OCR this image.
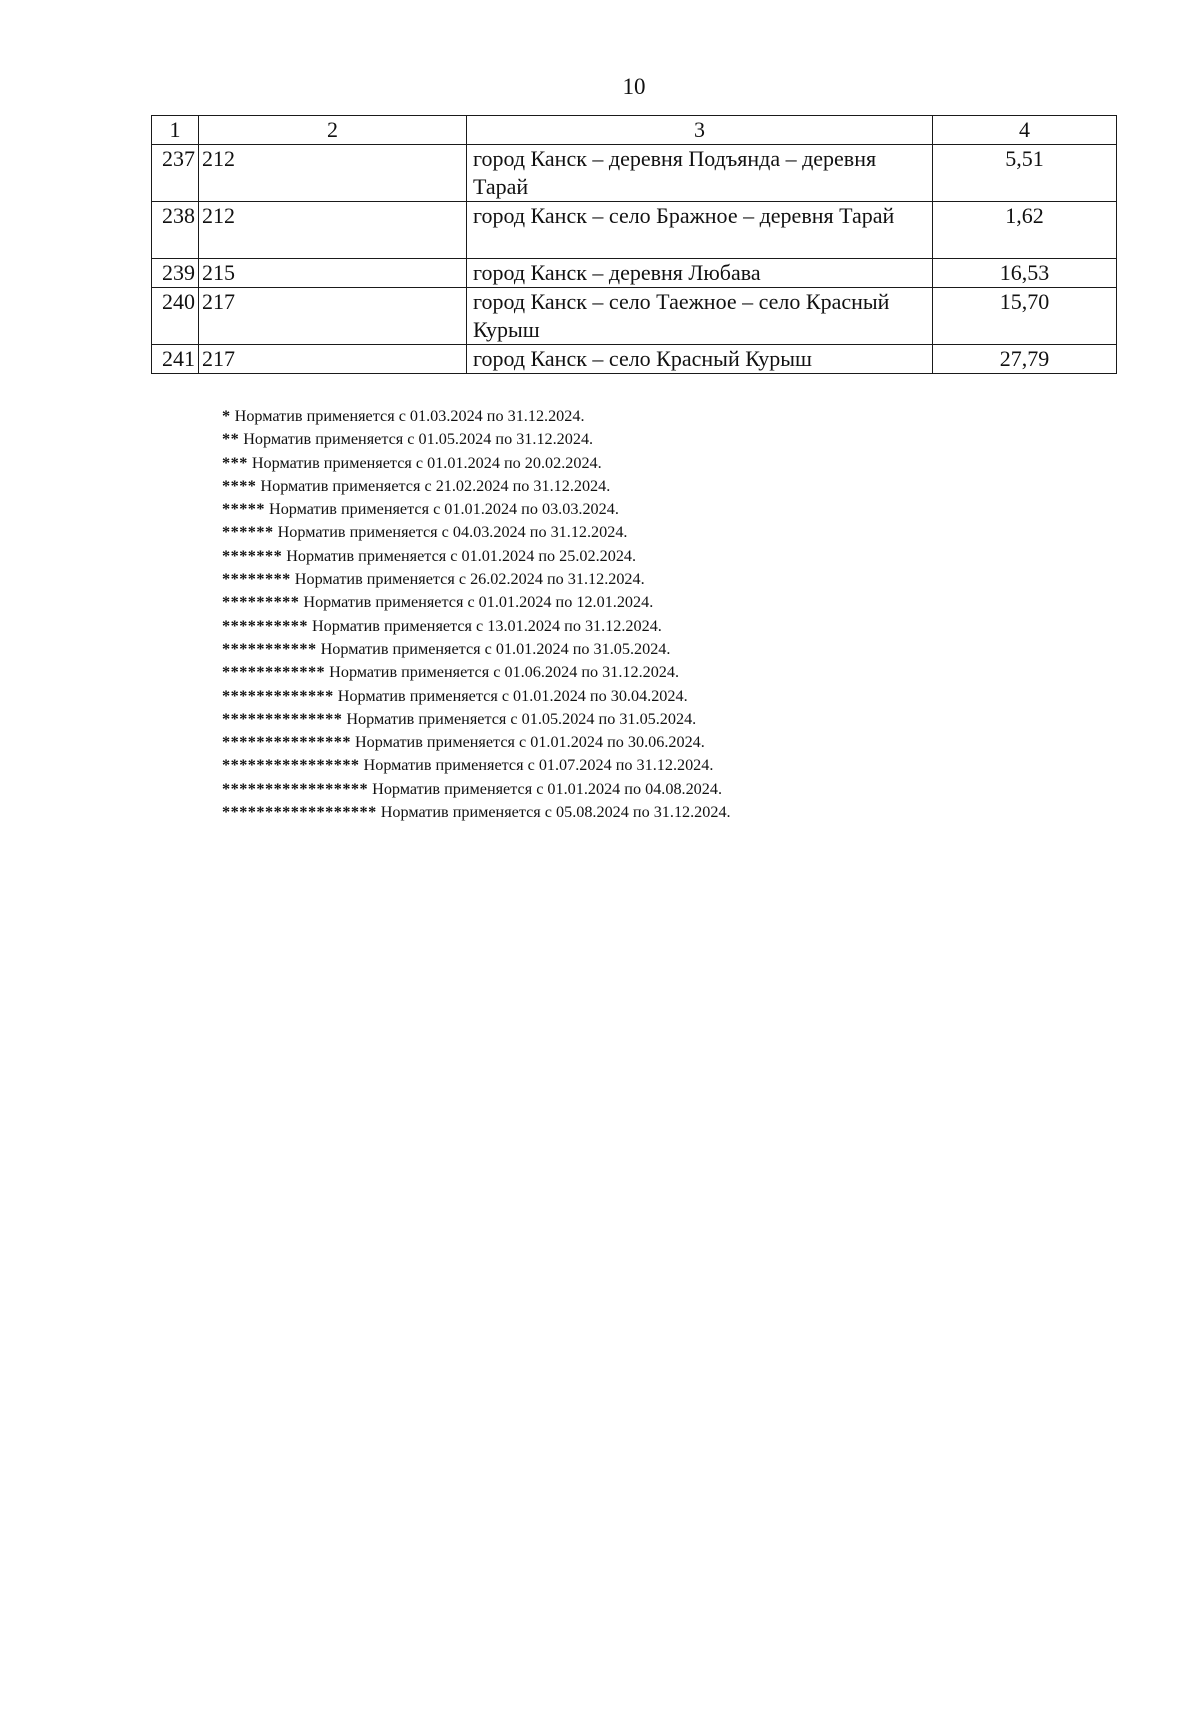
10
1	2	3	4
237	212	город Канск – деревня Подъянда – деревня Тарай	5,51
238	212	город Канск – село Бражное – деревня Тарай	1,62
239	215	город Канск – деревня Любава	16,53
240	217	город Канск – село Таежное – село Красный Курыш	15,70
241	217	город Канск – село Красный Курыш	27,79
* Норматив применяется с 01.03.2024 по 31.12.2024.
** Норматив применяется с 01.05.2024 по 31.12.2024.
*** Норматив применяется с 01.01.2024 по 20.02.2024.
**** Норматив применяется с 21.02.2024 по 31.12.2024.
***** Норматив применяется с 01.01.2024 по 03.03.2024.
****** Норматив применяется с 04.03.2024 по 31.12.2024.
******* Норматив применяется с 01.01.2024 по 25.02.2024.
******** Норматив применяется с 26.02.2024 по 31.12.2024.
********* Норматив применяется с 01.01.2024 по 12.01.2024.
********** Норматив применяется с 13.01.2024 по 31.12.2024.
*********** Норматив применяется с 01.01.2024 по 31.05.2024.
************ Норматив применяется с 01.06.2024 по 31.12.2024.
************* Норматив применяется с 01.01.2024 по 30.04.2024.
************** Норматив применяется с 01.05.2024 по 31.05.2024.
*************** Норматив применяется с 01.01.2024 по 30.06.2024.
**************** Норматив применяется с 01.07.2024 по 31.12.2024.
***************** Норматив применяется с 01.01.2024 по 04.08.2024.
****************** Норматив применяется с 05.08.2024 по 31.12.2024.
